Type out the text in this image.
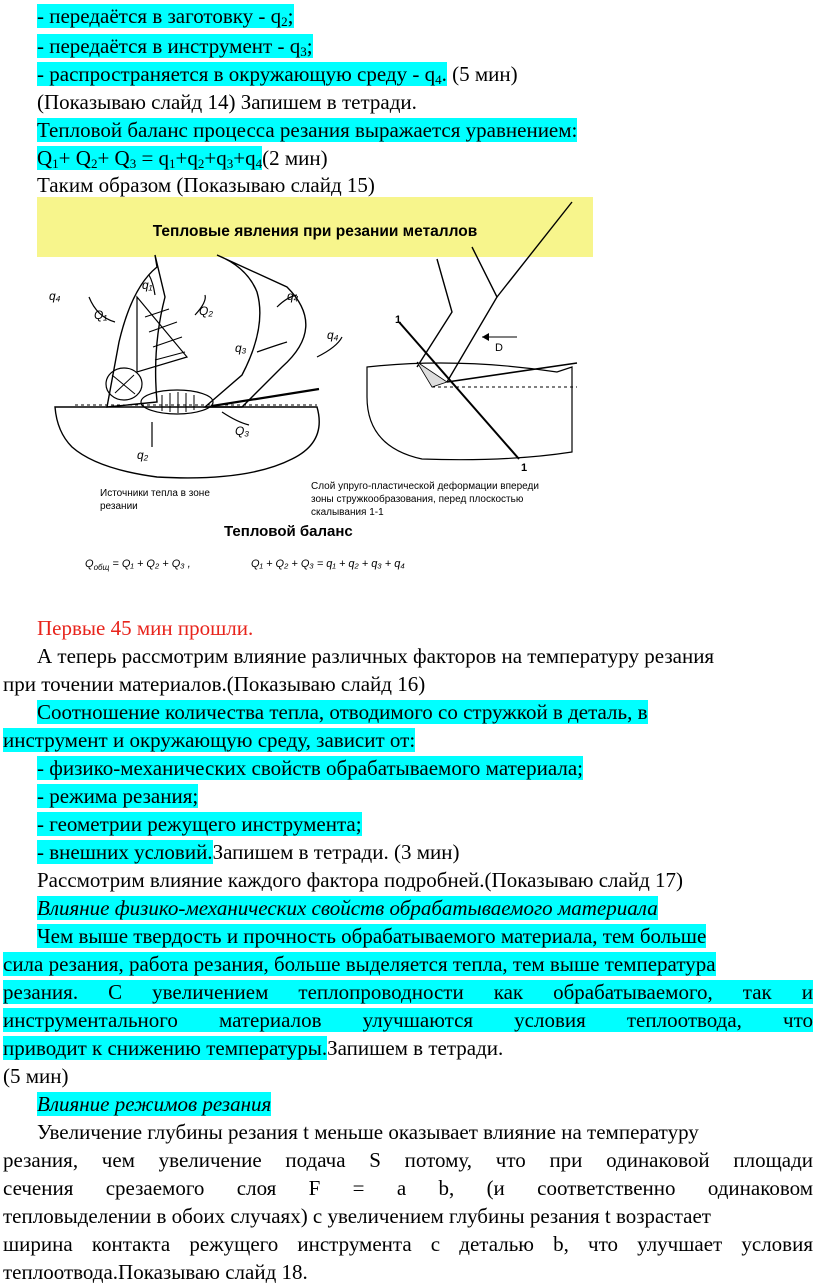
- передаётся в заготовку - $q_2$;
- передаётся в инструмент - $q_3$;
- распространяется в окружающую среду - $q_4$. (5 мин)
(Показываю слайд 14) Запишем в тетради.
Тепловой баланс процесса резания выражается уравнением:
$Q_1+ Q_2+ Q_3 = q_1+q_2+q_3+q_4(2$ мин)
Таким образом (Показываю слайд 15)
Тепловые явления при резании металлов
q₄
q₁
Q₁	Q₂
q₄
q₃
q₄
Q₃
q₂
1
1
D
Источники тепла в зоне
резании
Слой упруго-пластической деформации впереди
зоны стружкообразования, перед плоскостью
скалывания 1-1
Тепловой баланс
$Q_{общ} = Q_1 + Q_2 + Q_3$ ,	Q₁ + Q₂ + Q₃ = q₁ + q₂ + q₃ + q₄
Первые 45 мин прошли.
А теперь рассмотрим влияние различных факторов на температуру резания
при точении материалов.(Показываю слайд 16)
Соотношение количества тепла, отводимого со стружкой в деталь, в
инструмент и окружающую среду, зависит от:
- физико-механических свойств обрабатываемого материала;
- режима резания;
- геометрии режущего инструмента;
- внешних условий.Запишем в тетради. (3 мин)
Рассмотрим влияние каждого фактора подробней.(Показываю слайд 17)
Влияние физико-механических свойств обрабатываемого материала
Чем выше твердость и прочность обрабатываемого материала, тем больше
сила резания, работа резания, больше выделяется тепла, тем выше температура
резания. С увеличением теплопроводности как обрабатываемого, так и
инструментального материалов улучшаются условия теплоотвода, что
приводит к снижению температуры.Запишем в тетради.
(5 мин)
Влияние режимов резания
Увеличение глубины резания t меньше оказывает влияние на температуру
резания, чем увеличение подача S потому, что при одинаковой площади
сечения срезаемого слоя F = a b, (и соответственно одинаковом
тепловыделении в обоих случаях) с увеличением глубины резания t возрастает
ширина контакта режущего инструмента с деталью b, что улучшает условия
теплоотвода.Показываю слайд 18.
